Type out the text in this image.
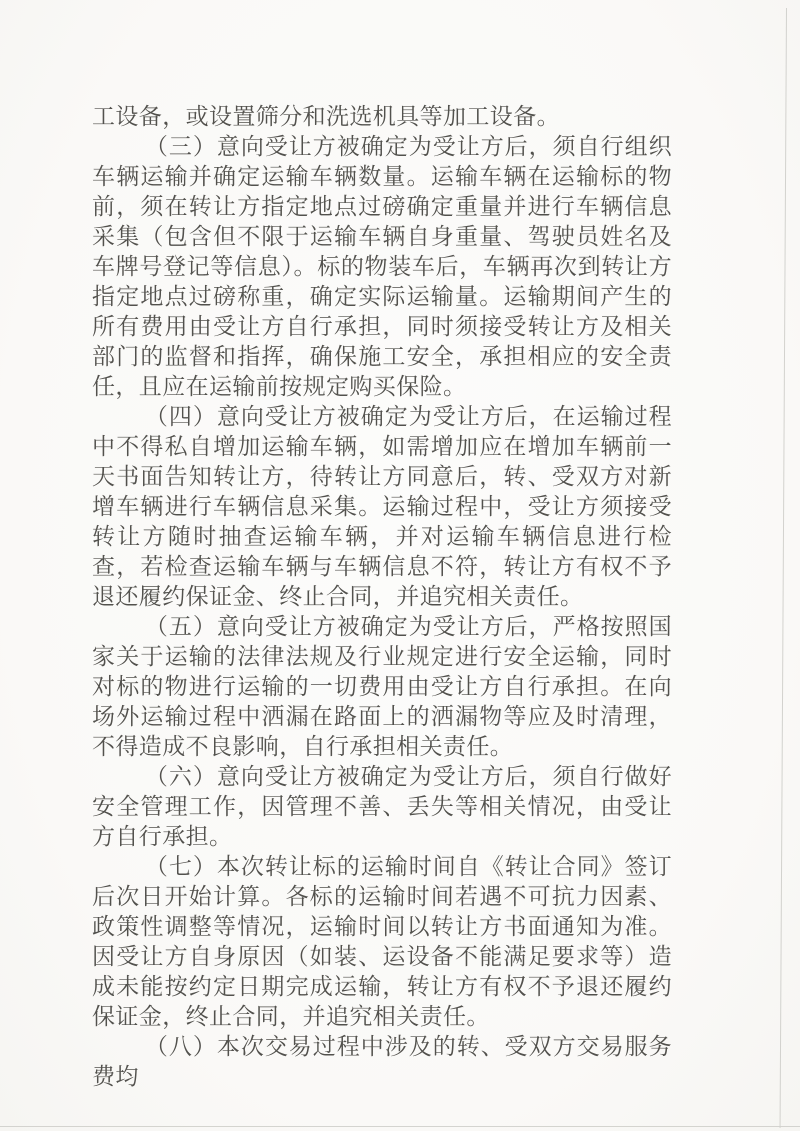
工设备，或设置筛分和洗选机具等加工设备。

（三）意向受让方被确定为受让方后，须自行组织车辆运输并确定运输车辆数量。运输车辆在运输标的物前，须在转让方指定地点过磅确定重量并进行车辆信息采集（包含但不限于运输车辆自身重量、驾驶员姓名及车牌号登记等信息）。标的物装车后，车辆再次到转让方指定地点过磅称重，确定实际运输量。运输期间产生的所有费用由受让方自行承担，同时须接受转让方及相关部门的监督和指挥，确保施工安全，承担相应的安全责任，且应在运输前按规定购买保险。

（四）意向受让方被确定为受让方后，在运输过程中不得私自增加运输车辆，如需增加应在增加车辆前一天书面告知转让方，待转让方同意后，转、受双方对新增车辆进行车辆信息采集。运输过程中，受让方须接受转让方随时抽查运输车辆，并对运输车辆信息进行检查，若检查运输车辆与车辆信息不符，转让方有权不予退还履约保证金、终止合同，并追究相关责任。

（五）意向受让方被确定为受让方后，严格按照国家关于运输的法律法规及行业规定进行安全运输，同时对标的物进行运输的一切费用由受让方自行承担。在向场外运输过程中洒漏在路面上的洒漏物等应及时清理，不得造成不良影响，自行承担相关责任。

（六）意向受让方被确定为受让方后，须自行做好安全管理工作，因管理不善、丢失等相关情况，由受让方自行承担。

（七）本次转让标的运输时间自《转让合同》签订后次日开始计算。各标的运输时间若遇不可抗力因素、政策性调整等情况，运输时间以转让方书面通知为准。因受让方自身原因（如装、运设备不能满足要求等）造成未能按约定日期完成运输，转让方有权不予退还履约保证金，终止合同，并追究相关责任。

（八）本次交易过程中涉及的转、受双方交易服务费均
